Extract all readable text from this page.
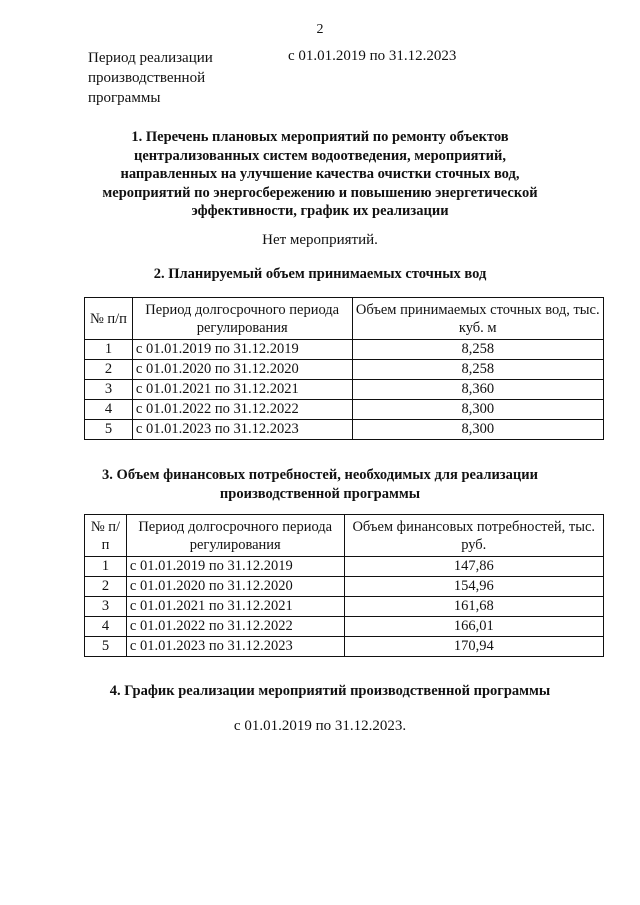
2
Период реализации производственной программы
с 01.01.2019 по 31.12.2023
1. Перечень плановых мероприятий по ремонту объектов централизованных систем водоотведения, мероприятий, направленных на улучшение качества очистки сточных вод, мероприятий по энергосбережению и повышению энергетической эффективности, график их реализации
Нет мероприятий.
2. Планируемый объем принимаемых сточных вод
№ п/п	Период долгосрочного периода регулирования	Объем принимаемых сточных вод, тыс. куб. м
1	с 01.01.2019 по 31.12.2019	8,258
2	с 01.01.2020 по 31.12.2020	8,258
3	с 01.01.2021 по 31.12.2021	8,360
4	с 01.01.2022 по 31.12.2022	8,300
5	с 01.01.2023 по 31.12.2023	8,300
3. Объем финансовых потребностей, необходимых для реализации производственной программы
№ п/п	Период долгосрочного периода регулирования	Объем финансовых потребностей, тыс. руб.
1	с 01.01.2019 по 31.12.2019	147,86
2	с 01.01.2020 по 31.12.2020	154,96
3	с 01.01.2021 по 31.12.2021	161,68
4	с 01.01.2022 по 31.12.2022	166,01
5	с 01.01.2023 по 31.12.2023	170,94
4. График реализации мероприятий производственной программы
с 01.01.2019 по 31.12.2023.
